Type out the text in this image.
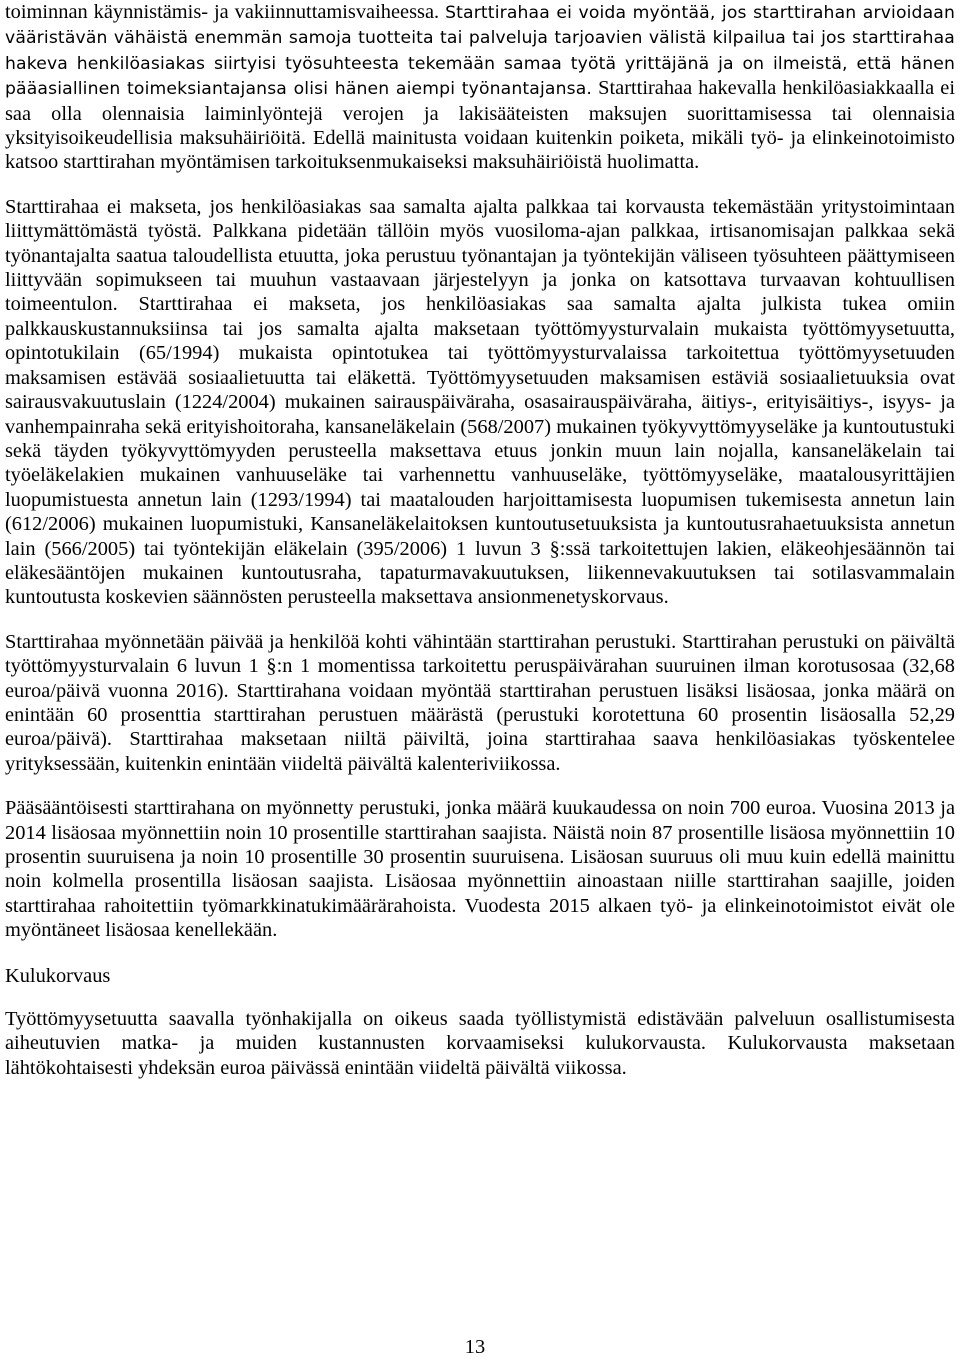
toiminnan käynnistämis- ja vakiinnuttamisvaiheessa. Starttirahaa ei voida myöntää, jos starttirahan arvioidaan vääristävän vähäistä enemmän samoja tuotteita tai palveluja tarjoavien välistä kilpailua tai jos starttirahaa hakeva henkilöasiakas siirtyisi työsuhteesta tekemään samaa työtä yrittäjänä ja on ilmeistä, että hänen pääasiallinen toimeksiantajansa olisi hänen aiempi työnantajansa. Starttirahaa hakevalla henkilöasiakkaalla ei saa olla olennaisia laiminlyöntejä verojen ja lakisääteisten maksujen suorittamisessa tai olennaisia yksityisoikeudellisia maksuhäiriöitä. Edellä mainitusta voidaan kuitenkin poiketa, mikäli työ- ja elinkeinotoimisto katsoo starttirahan myöntämisen tarkoituksenmukaiseksi maksuhäiriöistä huolimatta.

Starttirahaa ei makseta, jos henkilöasiakas saa samalta ajalta palkkaa tai korvausta tekemästään yritystoimintaan liittymättömästä työstä. Palkkana pidetään tällöin myös vuosiloma-ajan palkkaa, irtisanomisajan palkkaa sekä työnantajalta saatua taloudellista etuutta, joka perustuu työnantajan ja työntekijän väliseen työsuhteen päättymiseen liittyvään sopimukseen tai muuhun vastaavaan järjestelyyn ja jonka on katsottava turvaavan kohtuullisen toimeentulon. Starttirahaa ei makseta, jos henkilöasiakas saa samalta ajalta julkista tukea omiin palkkauskustannuksiinsa tai jos samalta ajalta maksetaan työttömyysturvalain mukaista työttömyysetuutta, opintotukilain (65/1994) mukaista opintotukea tai työttömyysturvalaissa tarkoitettua työttömyysetuuden maksamisen estävää sosiaalietuutta tai eläkettä. Työttömyysetuuden maksamisen estäviä sosiaalietuuksia ovat sairausvakuutuslain (1224/2004) mukainen sairauspäiväraha, osasairauspäiväraha, äitiys-, erityisäitiys-, isyys- ja vanhempainraha sekä erityishoitoraha, kansaneläkelain (568/2007) mukainen työkyvyttömyyseläke ja kuntoutustuki sekä täyden työkyvyttömyyden perusteella maksettava etuus jonkin muun lain nojalla, kansaneläkelain tai työeläkelakien mukainen vanhuuseläke tai varhennettu vanhuuseläke, työttömyyseläke, maatalousyrittäjien luopumistuesta annetun lain (1293/1994) tai maatalouden harjoittamisesta luopumisen tukemisesta annetun lain (612/2006) mukainen luopumistuki, Kansaneläkelaitoksen kuntoutusetuuksista ja kuntoutusrahaetuuksista annetun lain (566/2005) tai työntekijän eläkelain (395/2006) 1 luvun 3 §:ssä tarkoitettujen lakien, eläkeohjesäännön tai eläkesääntöjen mukainen kuntoutusraha, tapaturmavakuutuksen, liikennevakuutuksen tai sotilasvammalain kuntoutusta koskevien säännösten perusteella maksettava ansionmenetyskorvaus.

Starttirahaa myönnetään päivää ja henkilöä kohti vähintään starttirahan perustuki. Starttirahan perustuki on päivältä työttömyysturvalain 6 luvun 1 §:n 1 momentissa tarkoitettu peruspäivärahan suuruinen ilman korotusosaa (32,68 euroa/päivä vuonna 2016). Starttirahana voidaan myöntää starttirahan perustuen lisäksi lisäosaa, jonka määrä on enintään 60 prosenttia starttirahan perustuen määrästä (perustuki korotettuna 60 prosentin lisäosalla 52,29 euroa/päivä). Starttirahaa maksetaan niiltä päiviltä, joina starttirahaa saava henkilöasiakas työskentelee yrityksessään, kuitenkin enintään viideltä päivältä kalenteriviikossa.

Pääsääntöisesti starttirahana on myönnetty perustuki, jonka määrä kuukaudessa on noin 700 euroa. Vuosina 2013 ja 2014 lisäosaa myönnettiin noin 10 prosentille starttirahan saajista. Näistä noin 87 prosentille lisäosa myönnettiin 10 prosentin suuruisena ja noin 10 prosentille 30 prosentin suuruisena. Lisäosan suuruus oli muu kuin edellä mainittu noin kolmella prosentilla lisäosan saajista. Lisäosaa myönnettiin ainoastaan niille starttirahan saajille, joiden starttirahaa rahoitettiin työmarkkinatukimäärärahoista. Vuodesta 2015 alkaen työ- ja elinkeinotoimistot eivät ole myöntäneet lisäosaa kenellekään.

Kulukorvaus

Työttömyysetuutta saavalla työnhakijalla on oikeus saada työllistymistä edistävään palveluun osallistumisesta aiheutuvien matka- ja muiden kustannusten korvaamiseksi kulukorvausta. Kulukorvausta maksetaan lähtökohtaisesti yhdeksän euroa päivässä enintään viideltä päivältä viikossa.

13
